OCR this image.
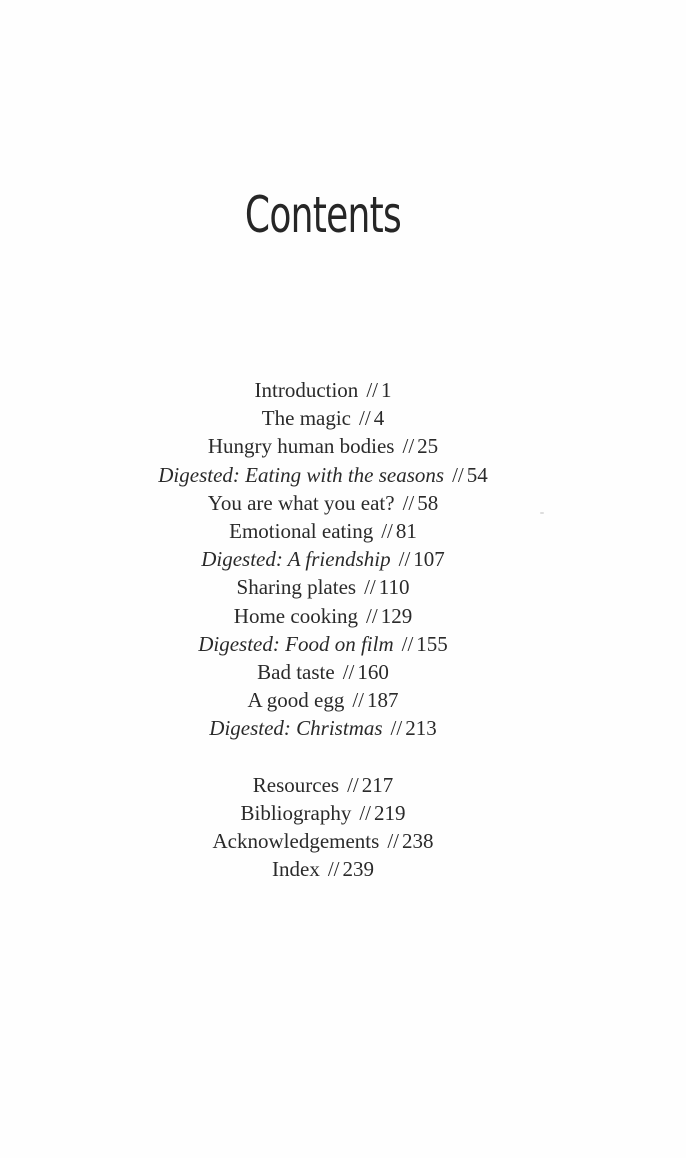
Contents
Introduction // 1
The magic // 4
Hungry human bodies // 25
Digested: Eating with the seasons // 54
You are what you eat? // 58
Emotional eating // 81
Digested: A friendship // 107
Sharing plates // 110
Home cooking // 129
Digested: Food on film // 155
Bad taste // 160
A good egg // 187
Digested: Christmas // 213
Resources // 217
Bibliography // 219
Acknowledgements // 238
Index // 239
